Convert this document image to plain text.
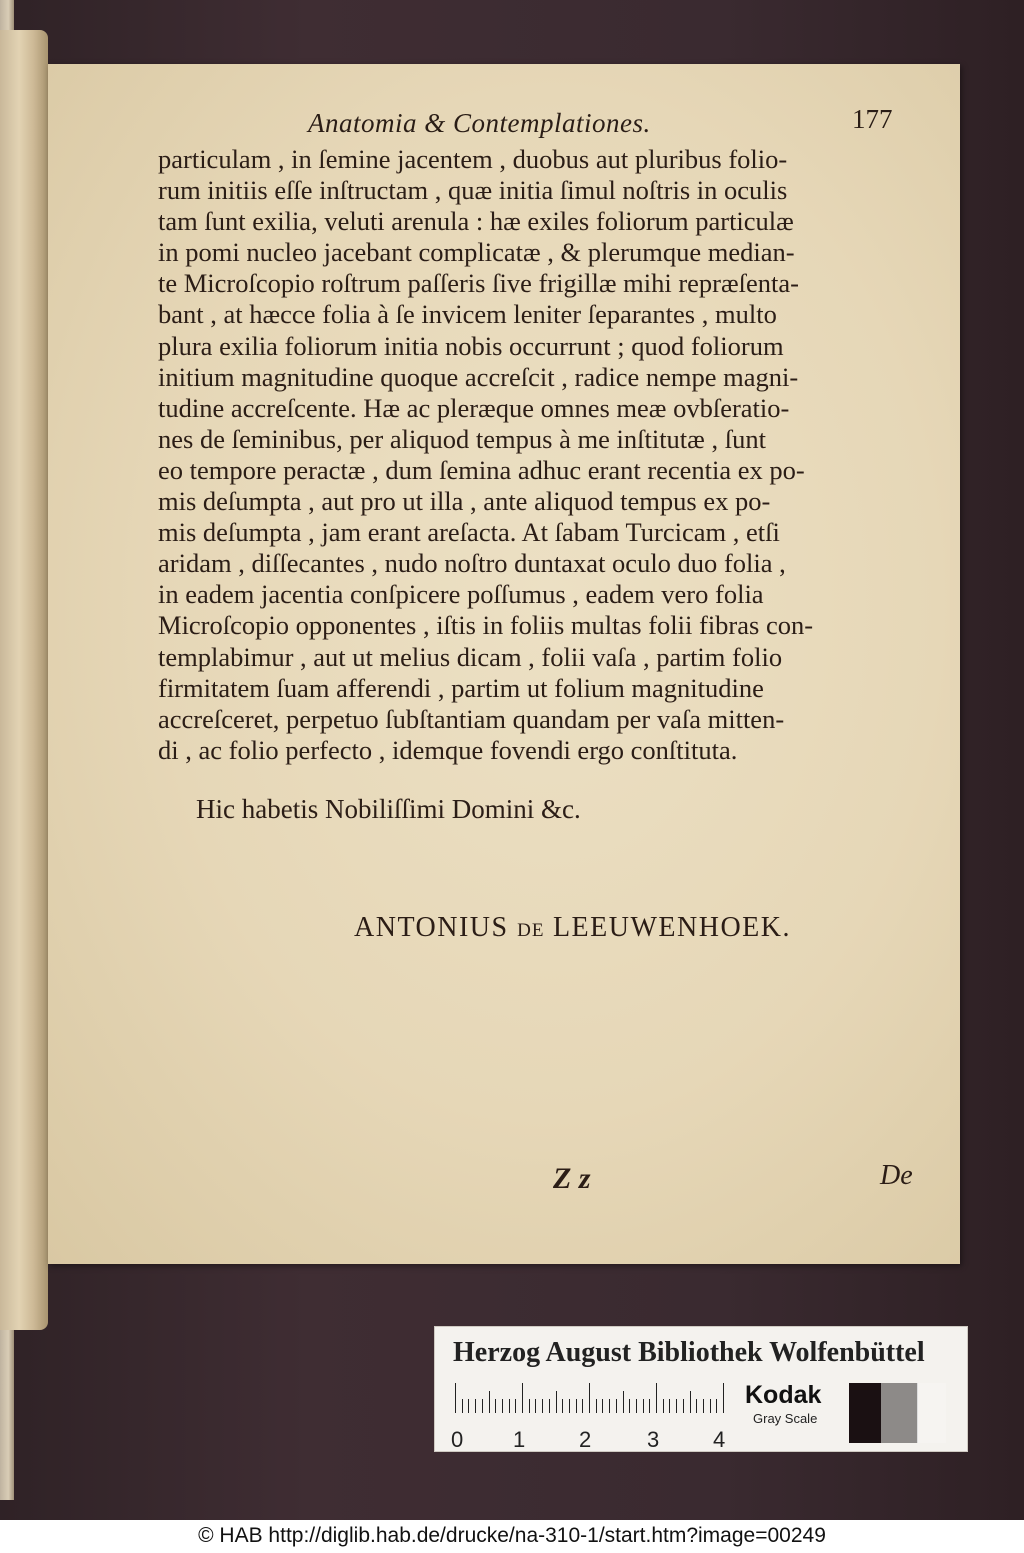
Anatomia & Contemplationes.	177
particulam , in ſemine jacentem , duobus aut pluribus folio-
rum initiis eſſe inſtructam , quæ initia ſimul noſtris in oculis
tam ſunt exilia, veluti arenula : hæ exiles foliorum particulæ
in pomi nucleo jacebant complicatæ , & plerumque median-
te Microſcopio roſtrum paſſeris ſive frigillæ mihi repræſenta-
bant , at hæcce folia à ſe invicem leniter ſeparantes , multo
plura exilia foliorum initia nobis occurrunt ; quod foliorum
initium magnitudine quoque accreſcit , radice nempe magni-
tudine accreſcente. Hæ ac pleræque omnes meæ ovbſeratio-
nes de ſeminibus, per aliquod tempus à me inſtitutæ , ſunt
eo tempore peractæ , dum ſemina adhuc erant recentia ex po-
mis deſumpta , aut pro ut illa , ante aliquod tempus ex po-
mis deſumpta , jam erant areſacta. At ſabam Turcicam , etſi
aridam , diſſecantes , nudo noſtro duntaxat oculo duo folia ,
in eadem jacentia conſpicere poſſumus , eadem vero folia
Microſcopio opponentes , iſtis in foliis multas folii fibras con-
templabimur , aut ut melius dicam , folii vaſa , partim folio
firmitatem ſuam afferendi , partim ut folium magnitudine
accreſceret, perpetuo ſubſtantiam quandam per vaſa mitten-
di , ac folio perfecto , idemque fovendi ergo conſtituta.
Hic habetis Nobiliſſimi Domini &c.
ANTONIUS DE LEEUWENHOEK.
Z z	De
Herzog August Bibliothek Wolfenbüttel
Kodak
Gray Scale
0 1 2	3 4
© HAB http://diglib.hab.de/drucke/na-310-1/start.htm?image=00249
